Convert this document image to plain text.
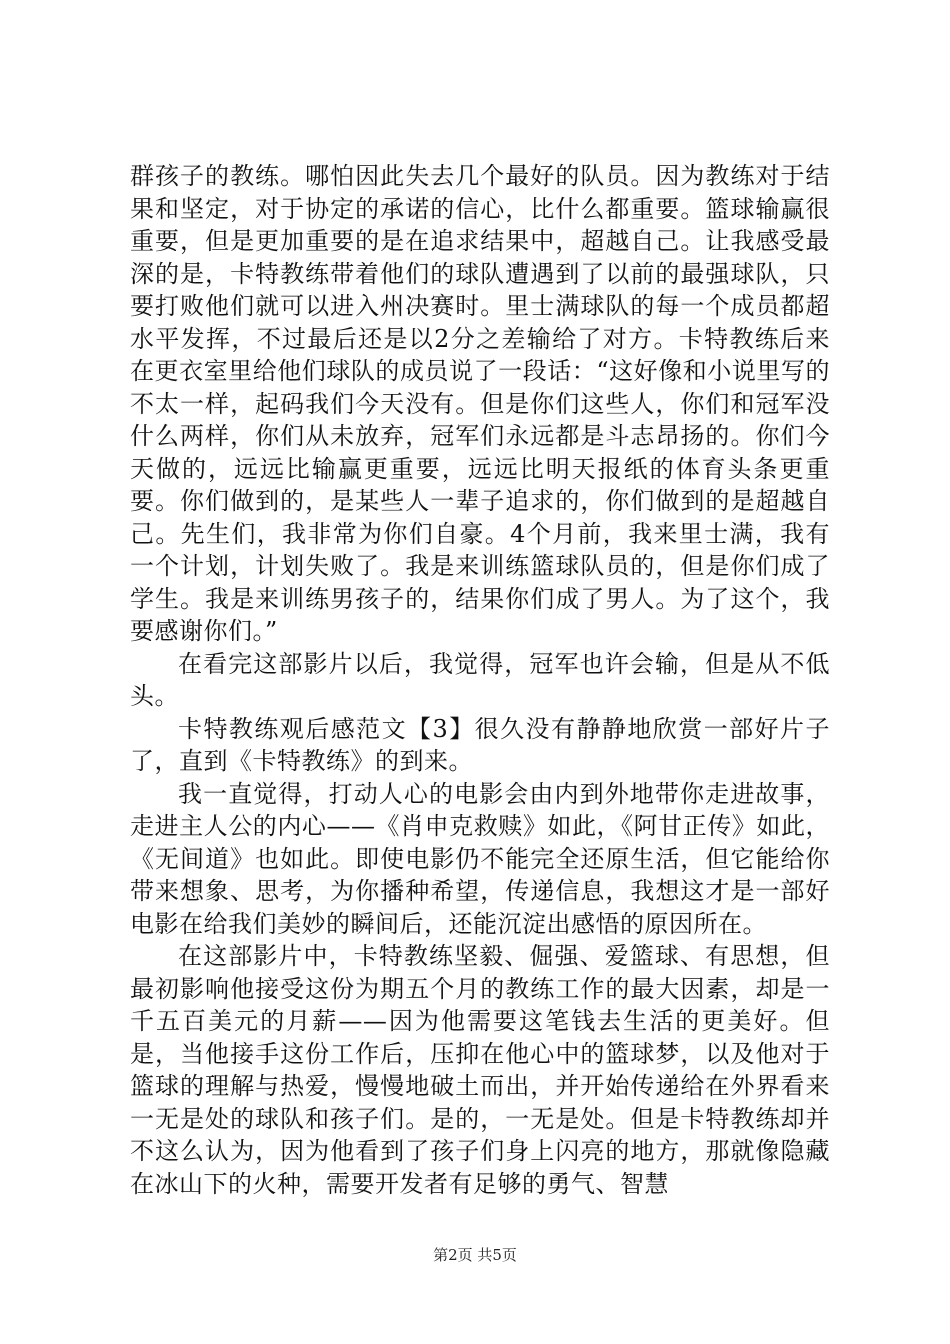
群孩子的教练。哪怕因此失去几个最好的队员。因为教练对于结果和坚定，对于协定的承诺的信心，比什么都重要。篮球输赢很重要，但是更加重要的是在追求结果中，超越自己。让我感受最深的是，卡特教练带着他们的球队遭遇到了以前的最强球队，只要打败他们就可以进入州决赛时。里士满球队的每一个成员都超水平发挥，不过最后还是以2分之差输给了对方。卡特教练后来在更衣室里给他们球队的成员说了一段话：“这好像和小说里写的不太一样，起码我们今天没有。但是你们这些人，你们和冠军没什么两样，你们从未放弃，冠军们永远都是斗志昂扬的。你们今天做的，远远比输赢更重要，远远比明天报纸的体育头条更重要。你们做到的，是某些人一辈子追求的，你们做到的是超越自己。先生们，我非常为你们自豪。4个月前，我来里士满，我有一个计划，计划失败了。我是来训练篮球队员的，但是你们成了学生。我是来训练男孩子的，结果你们成了男人。为了这个，我要感谢你们。”

在看完这部影片以后，我觉得，冠军也许会输，但是从不低头。

卡特教练观后感范文【3】很久没有静静地欣赏一部好片子了，直到《卡特教练》的到来。

我一直觉得，打动人心的电影会由内到外地带你走进故事，走进主人公的内心——《肖申克救赎》如此，《阿甘正传》如此，《无间道》也如此。即使电影仍不能完全还原生活，但它能给你带来想象、思考，为你播种希望，传递信息，我想这才是一部好电影在给我们美妙的瞬间后，还能沉淀出感悟的原因所在。

在这部影片中，卡特教练坚毅、倔强、爱篮球、有思想，但最初影响他接受这份为期五个月的教练工作的最大因素，却是一千五百美元的月薪——因为他需要这笔钱去生活的更美好。但是，当他接手这份工作后，压抑在他心中的篮球梦，以及他对于篮球的理解与热爱，慢慢地破土而出，并开始传递给在外界看来一无是处的球队和孩子们。是的，一无是处。但是卡特教练却并不这么认为，因为他看到了孩子们身上闪亮的地方，那就像隐藏在冰山下的火种，需要开发者有足够的勇气、智慧

第2页 共5页
